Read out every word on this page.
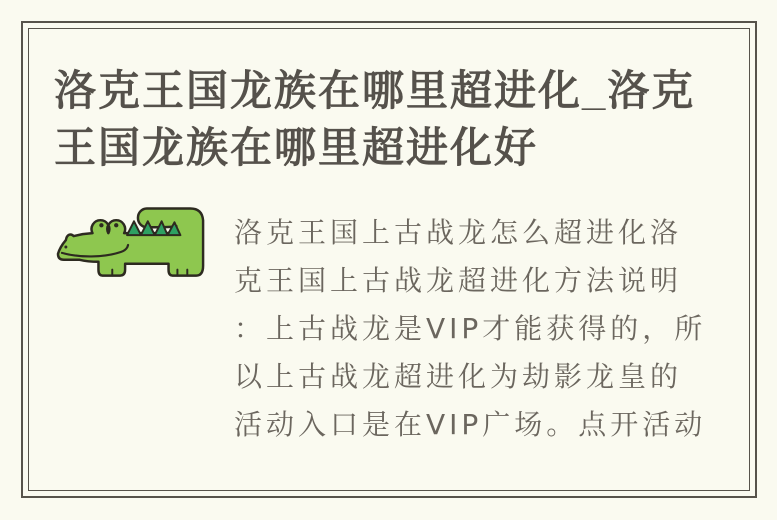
洛克王国龙族在哪里超进化_洛克
王国龙族在哪里超进化好
洛克王国上古战龙怎么超进化洛
克王国上古战龙超进化方法说明
：上古战龙是VIP才能获得的，所
以上古战龙超进化为劫影龙皇的
活动入口是在VIP广场。点开活动
